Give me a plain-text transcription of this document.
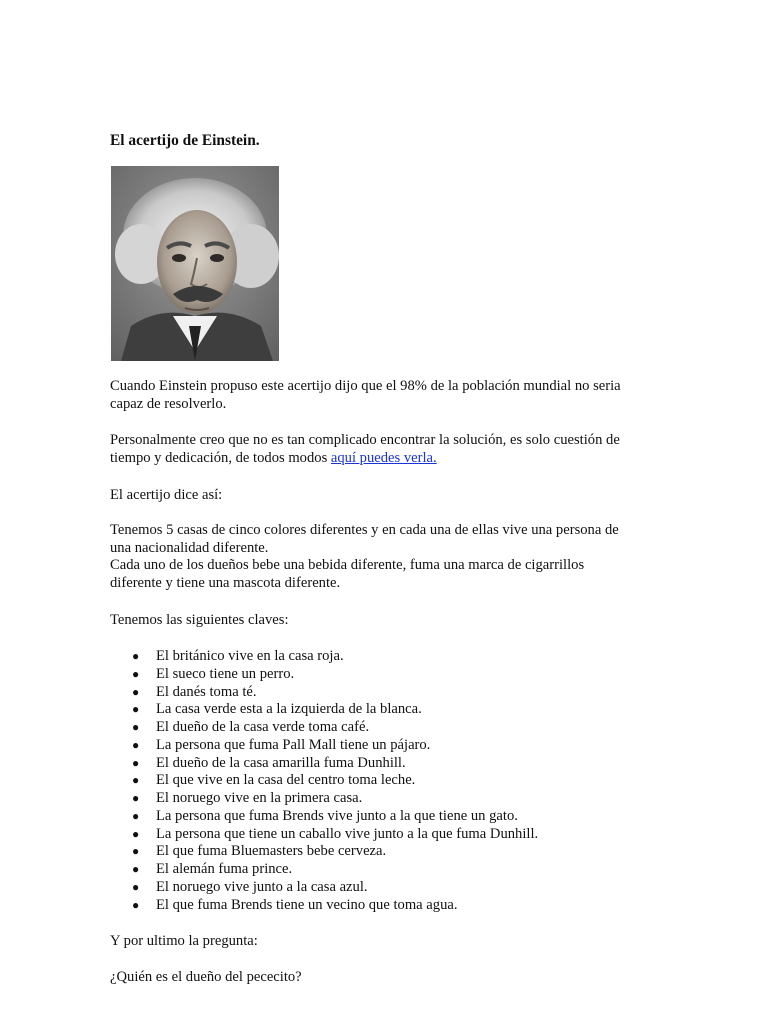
El acertijo de Einstein.

Cuando Einstein propuso este acertijo dijo que el 98% de la población mundial no seria
capaz de resolverlo.

Personalmente creo que no es tan complicado encontrar la solución, es solo cuestión de
tiempo y dedicación, de todos modos aquí puedes verla.

El acertijo dice así:

Tenemos 5 casas de cinco colores diferentes y en cada una de ellas vive una persona de
una nacionalidad diferente.
Cada uno de los dueños bebe una bebida diferente, fuma una marca de cigarrillos
diferente y tiene una mascota diferente.

Tenemos las siguientes claves:

● El británico vive en la casa roja.
● El sueco tiene un perro.
● El danés toma té.
● La casa verde esta a la izquierda de la blanca.
● El dueño de la casa verde toma café.
● La persona que fuma Pall Mall tiene un pájaro.
● El dueño de la casa amarilla fuma Dunhill.
● El que vive en la casa del centro toma leche.
● El noruego vive en la primera casa.
● La persona que fuma Brends vive junto a la que tiene un gato.
● La persona que tiene un caballo vive junto a la que fuma Dunhill.
● El que fuma Bluemasters bebe cerveza.
● El alemán fuma prince.
● El noruego vive junto a la casa azul.
● El que fuma Brends tiene un vecino que toma agua.

Y por ultimo la pregunta:

¿Quién es el dueño del pececito?
